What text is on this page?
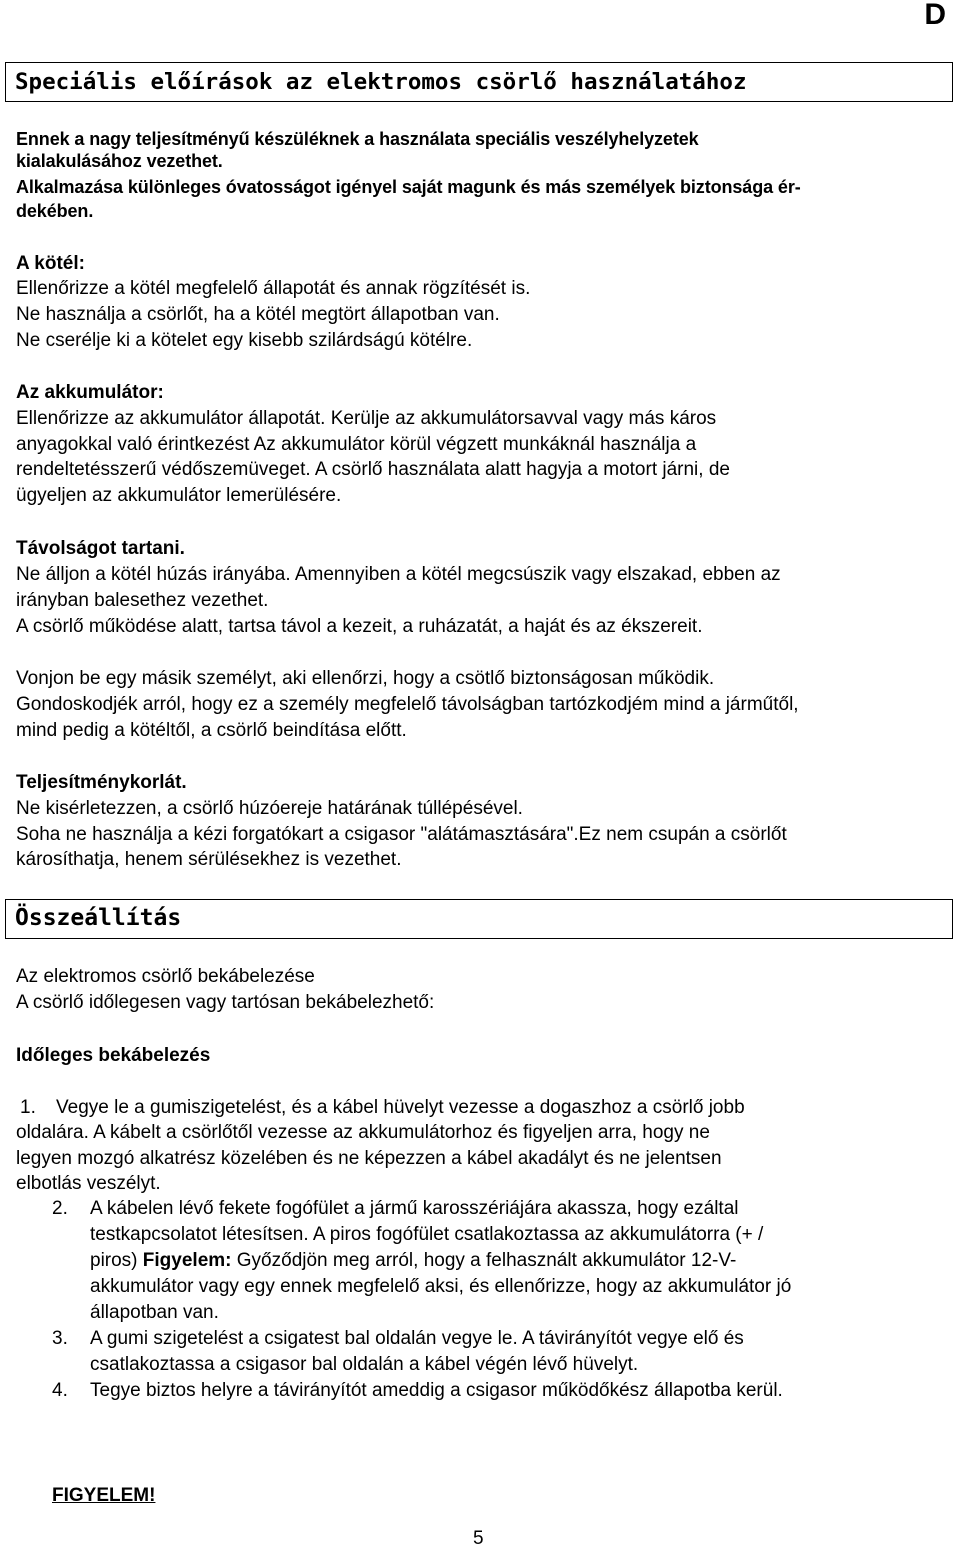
D
Speciális előírások az elektromos csörlő használatához
Ennek a nagy teljesítményű készüléknek a használata speciális veszélyhelyzetek
kialakulásához vezethet.
Alkalmazása különleges óvatosságot igényel saját magunk és más személyek biztonsága ér-
dekében.
A kötél:
Ellenőrizze a kötél megfelelő állapotát és annak rögzítését is.
Ne használja a csörlőt, ha a kötél megtört állapotban van.
Ne cserélje ki a kötelet egy kisebb szilárdságú kötélre.
Az akkumulátor:
Ellenőrizze az akkumulátor állapotát. Kerülje az akkumulátorsavval vagy más káros
anyagokkal való érintkezést Az akkumulátor körül végzett munkáknál használja a
rendeltetésszerű védőszemüveget. A csörlő használata alatt hagyja a motort járni, de
ügyeljen az akkumulátor lemerülésére.
Távolságot tartani.
Ne álljon a kötél húzás irányába. Amennyiben a kötél megcsúszik vagy elszakad, ebben az
irányban balesethez vezethet.
A csörlő működése alatt, tartsa távol a kezeit, a ruházatát, a haját és az ékszereit.
Vonjon be egy másik személyt, aki ellenőrzi, hogy a csötlő biztonságosan működik.
Gondoskodjék arról, hogy ez a személy megfelelő távolságban tartózkodjém mind a járműtől,
mind pedig a kötéltől, a csörlő beindítása előtt.
Teljesítménykorlát.
Ne kisérletezzen, a csörlő húzóereje határának túllépésével.
Soha ne használja a kézi forgatókart a csigasor "alátámasztására".Ez nem csupán a csörlőt
károsíthatja, henem sérülésekhez is vezethet.
Összeállítás
Az elektromos csörlő bekábelezése
A csörlő időlegesen vagy tartósan bekábelezhető:
Időleges bekábelezés
1. Vegye le a gumiszigetelést, és a kábel hüvelyt vezesse a dogaszhoz a csörlő jobb
oldalára. A kábelt a csörlőtől vezesse az akkumulátorhoz és figyeljen arra, hogy ne
legyen mozgó alkatrész közelében és ne képezzen a kábel akadályt és ne jelentsen
elbotlás veszélyt.
2. A kábelen lévő fekete fogófület a jármű karosszériájára akassza, hogy ezáltal
testkapcsolatot létesítsen. A piros fogófület csatlakoztassa az akkumulátorra (+ /
piros) Figyelem: Győződjön meg arról, hogy a felhasznált akkumulátor 12-V-
akkumulátor vagy egy ennek megfelelő aksi, és ellenőrizze, hogy az akkumulátor jó
állapotban van.
3. A gumi szigetelést a csigatest bal oldalán vegye le. A távirányítót vegye elő és
csatlakoztassa a csigasor bal oldalán a kábel végén lévő hüvelyt.
4. Tegye biztos helyre a távirányítót ameddig a csigasor működőkész állapotba kerül.
FIGYELEM!
5
